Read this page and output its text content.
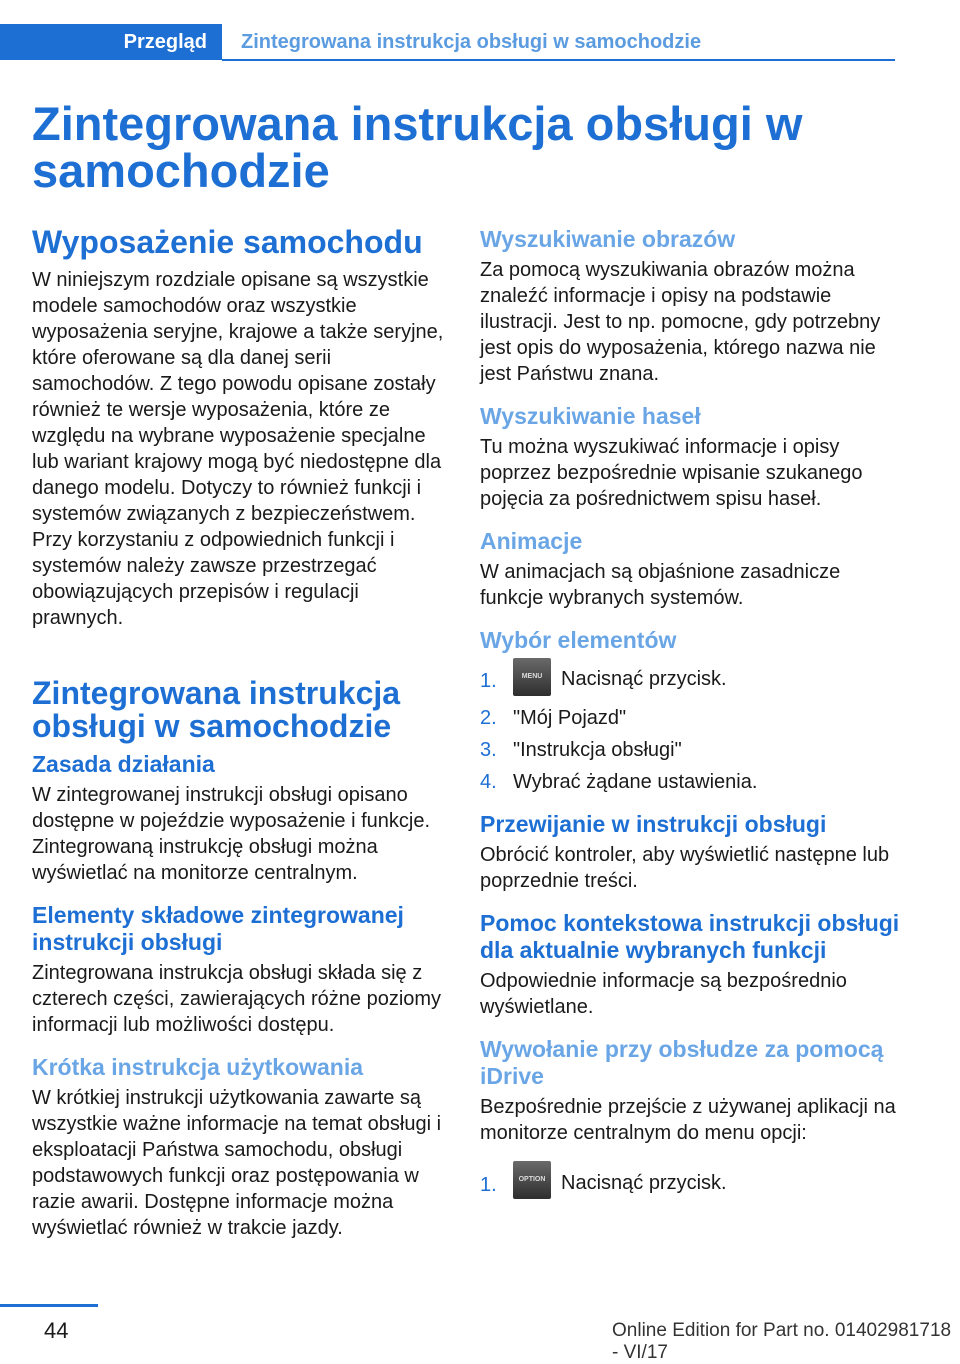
Przegląd	Zintegrowana instrukcja obsługi w samochodzie
Zintegrowana instrukcja obsługi w samochodzie
Wyposażenie samochodu

W niniejszym rozdziale opisane są wszystkie modele samochodów oraz wszystkie wyposażenia seryjne, krajowe a także seryjne, które oferowane są dla danej serii samochodów. Z tego powodu opisane zostały również te wersje wyposażenia, które ze względu na wybrane wyposażenie specjalne lub wariant krajowy mogą być niedostępne dla danego modelu. Dotyczy to również funkcji i systemów związanych z bezpieczeństwem. Przy korzystaniu z odpowiednich funkcji i systemów należy zawsze przestrzegać obowiązujących przepisów i regulacji prawnych.

Zintegrowana instrukcja obsługi w samochodzie
Zasada działania

W zintegrowanej instrukcji obsługi opisano dostępne w pojeździe wyposażenie i funkcje. Zintegrowaną instrukcję obsługi można wyświetlać na monitorze centralnym.

Elementy składowe zintegrowanej instrukcji obsługi

Zintegrowana instrukcja obsługi składa się z czterech części, zawierających różne poziomy informacji lub możliwości dostępu.

Krótka instrukcja użytkowania

W krótkiej instrukcji użytkowania zawarte są wszystkie ważne informacje na temat obsługi i eksploatacji Państwa samochodu, obsługi podstawowych funkcji oraz postępowania w razie awarii. Dostępne informacje można wyświetlać również w trakcie jazdy.

Wyszukiwanie obrazów

Za pomocą wyszukiwania obrazów można znaleźć informacje i opisy na podstawie ilustracji. Jest to np. pomocne, gdy potrzebny jest opis do wyposażenia, którego nazwa nie jest Państwu znana.

Wyszukiwanie haseł

Tu można wyszukiwać informacje i opisy poprzez bezpośrednie wpisanie szukanego pojęcia za pośrednictwem spisu haseł.

Animacje

W animacjach są objaśnione zasadnicze funkcje wybranych systemów.

Wybór elementów
1.	MENU Nacisnąć przycisk.
2. "Mój Pojazd"
3. "Instrukcja obsługi"
4. Wybrać żądane ustawienia.
Przewijanie w instrukcji obsługi

Obrócić kontroler, aby wyświetlić następne lub poprzednie treści.

Pomoc kontekstowa instrukcji obsługi dla aktualnie wybranych funkcji

Odpowiednie informacje są bezpośrednio wyświetlane.

Wywołanie przy obsłudze za pomocą iDrive

Bezpośrednie przejście z używanej aplikacji na monitorze centralnym do menu opcji:

1.	OPTION Nacisnąć przycisk.
44	Online Edition for Part no. 01402981718 - VI/17
